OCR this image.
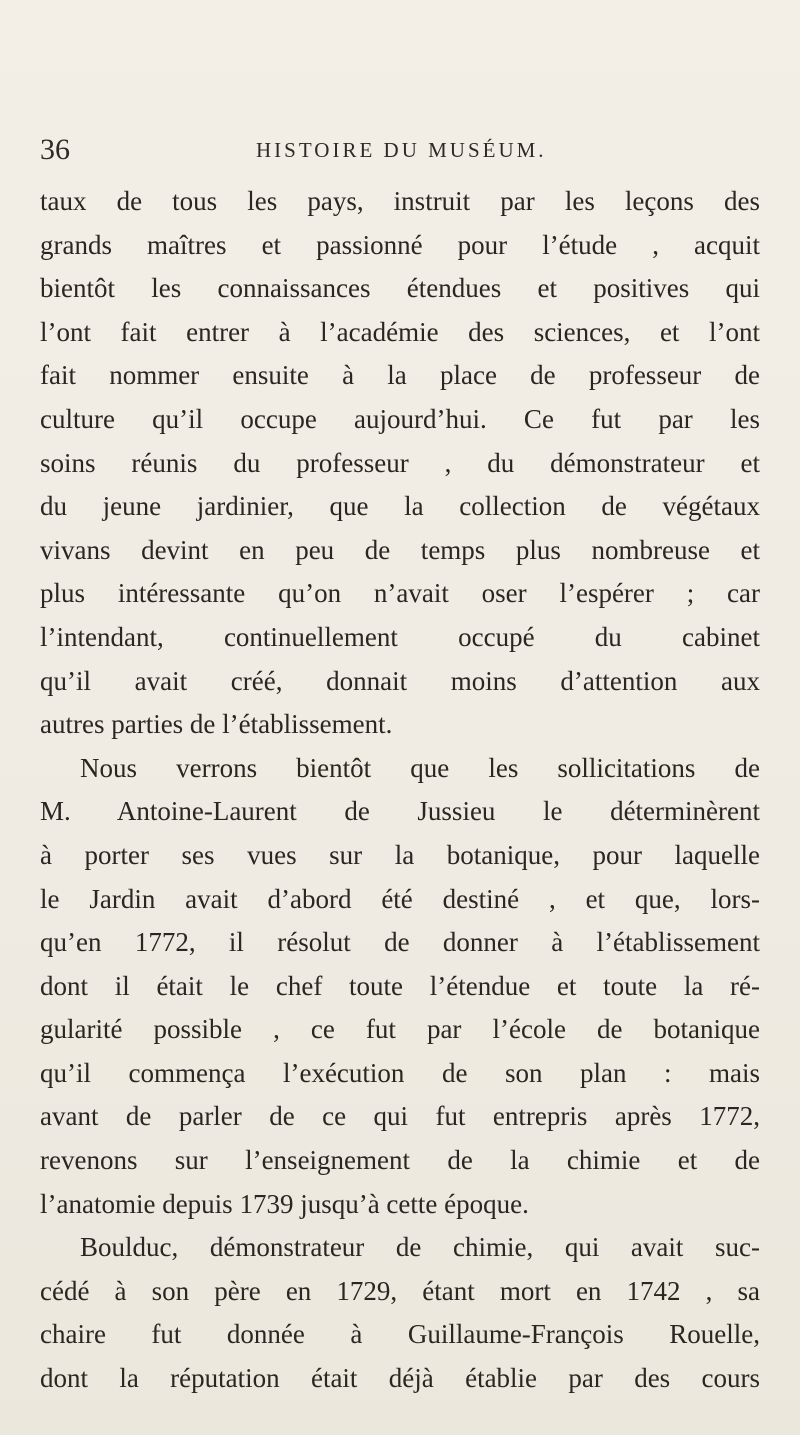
36	HISTOIRE DU MUSÉUM.
taux de tous les pays, instruit par les leçons des
grands maîtres et passionné pour l’étude , acquit
bientôt les connaissances étendues et positives qui
l’ont fait entrer à l’académie des sciences, et l’ont
fait nommer ensuite à la place de professeur de
culture qu’il occupe aujourd’hui. Ce fut par les
soins réunis du professeur , du démonstrateur et
du jeune jardinier, que la collection de végétaux
vivans devint en peu de temps plus nombreuse et
plus intéressante qu’on n’avait oser l’espérer ; car
l’intendant, continuellement occupé du cabinet
qu’il avait créé, donnait moins d’attention aux
autres parties de l’établissement.
Nous verrons bientôt que les sollicitations de
M. Antoine-Laurent de Jussieu le déterminèrent
à porter ses vues sur la botanique, pour laquelle
le Jardin avait d’abord été destiné , et que, lors-
qu’en 1772, il résolut de donner à l’établissement
dont il était le chef toute l’étendue et toute la ré-
gularité possible , ce fut par l’école de botanique
qu’il commença l’exécution de son plan : mais
avant de parler de ce qui fut entrepris après 1772,
revenons sur l’enseignement de la chimie et de
l’anatomie depuis 1739 jusqu’à cette époque.
Boulduc, démonstrateur de chimie, qui avait suc-
cédé à son père en 1729, étant mort en 1742 , sa
chaire fut donnée à Guillaume-François Rouelle,
dont la réputation était déjà établie par des cours
